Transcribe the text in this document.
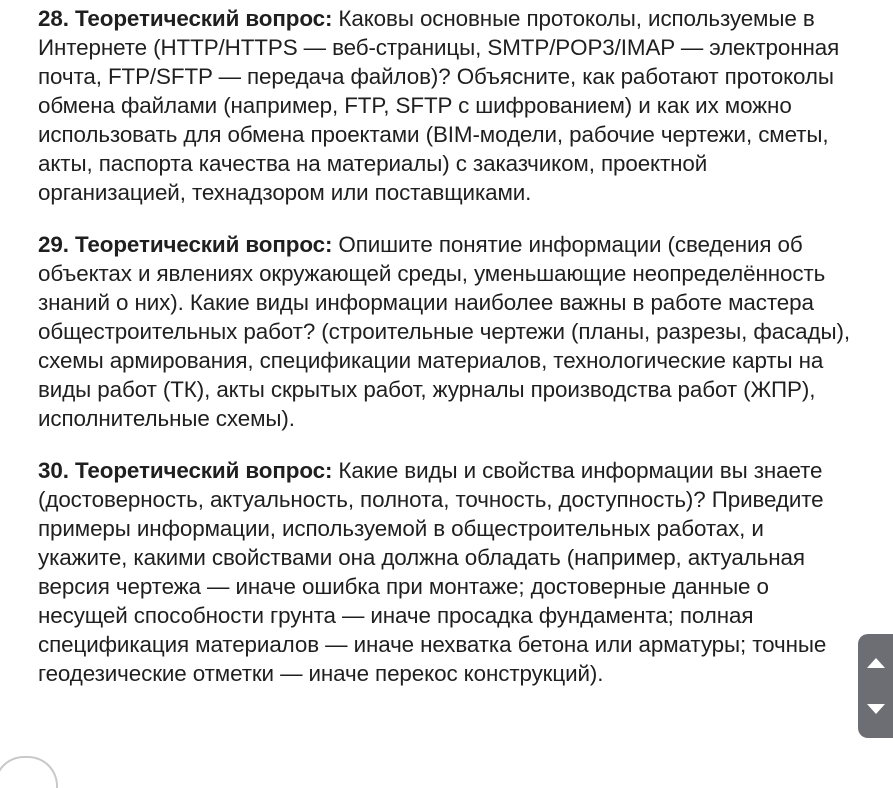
28. Теоретический вопрос: Каковы основные протоколы, используемые в Интернете (HTTP/HTTPS — веб-страницы, SMTP/POP3/IMAP — электронная почта, FTP/SFTP — передача файлов)? Объясните, как работают протоколы обмена файлами (например, FTP, SFTP с шифрованием) и как их можно использовать для обмена проектами (BIM-модели, рабочие чертежи, сметы, акты, паспорта качества на материалы) с заказчиком, проектной организацией, технадзором или поставщиками.

29. Теоретический вопрос: Опишите понятие информации (сведения об объектах и явлениях окружающей среды, уменьшающие неопределённость знаний о них). Какие виды информации наиболее важны в работе мастера общестроительных работ? (строительные чертежи (планы, разрезы, фасады), схемы армирования, спецификации материалов, технологические карты на виды работ (ТК), акты скрытых работ, журналы производства работ (ЖПР), исполнительные схемы).

30. Теоретический вопрос: Какие виды и свойства информации вы знаете (достоверность, актуальность, полнота, точность, доступность)? Приведите примеры информации, используемой в общестроительных работах, и укажите, какими свойствами она должна обладать (например, актуальная версия чертежа — иначе ошибка при монтаже; достоверные данные о несущей способности грунта — иначе просадка фундамента; полная спецификация материалов — иначе нехватка бетона или арматуры; точные геодезические отметки — иначе перекос конструкций).
